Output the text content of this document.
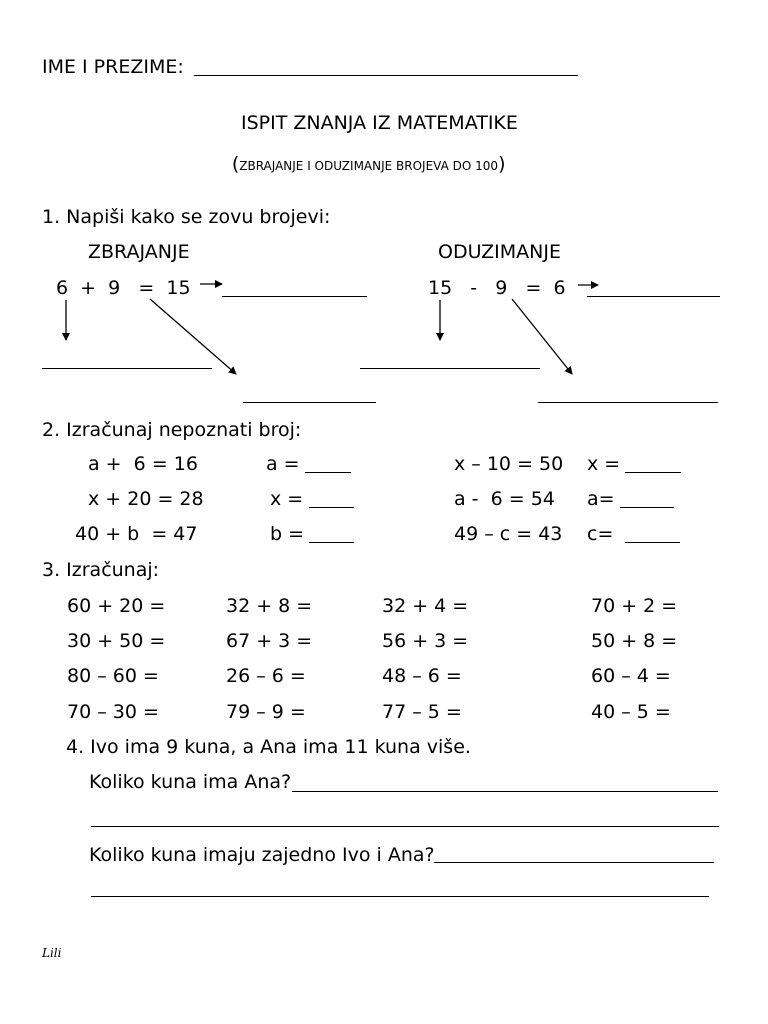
IME I PREZIME:
ISPIT ZNANJA IZ MATEMATIKE

(ZBRAJANJE I ODUZIMANJE BROJEVA DO 100)

1. Napiši kako se zovu brojevi:
ZBRAJANJE	ODUZIMANJE
6  +  9   =  15	15   -   9   =  6
2. Izračunaj nepoznati broj:
a +  6 = 16	a =	x – 10 = 50 x =
x + 20 = 28	x =	a -  6 = 54 a=
40 + b  = 47	b =	49 – c = 43 c=
3. Izračunaj:
60 + 20 =	32 + 8 =	32 + 4 =	70 + 2 =
30 + 50 =	67 + 3 =	56 + 3 =	50 + 8 =
80 – 60 =	26 – 6 =	48 – 6 =	60 – 4 =
70 – 30 =	79 – 9 =	77 – 5 =	40 – 5 =
4. Ivo ima 9 kuna, a Ana ima 11 kuna više.
Koliko kuna ima Ana?
Koliko kuna imaju zajedno Ivo i Ana?
Lili
